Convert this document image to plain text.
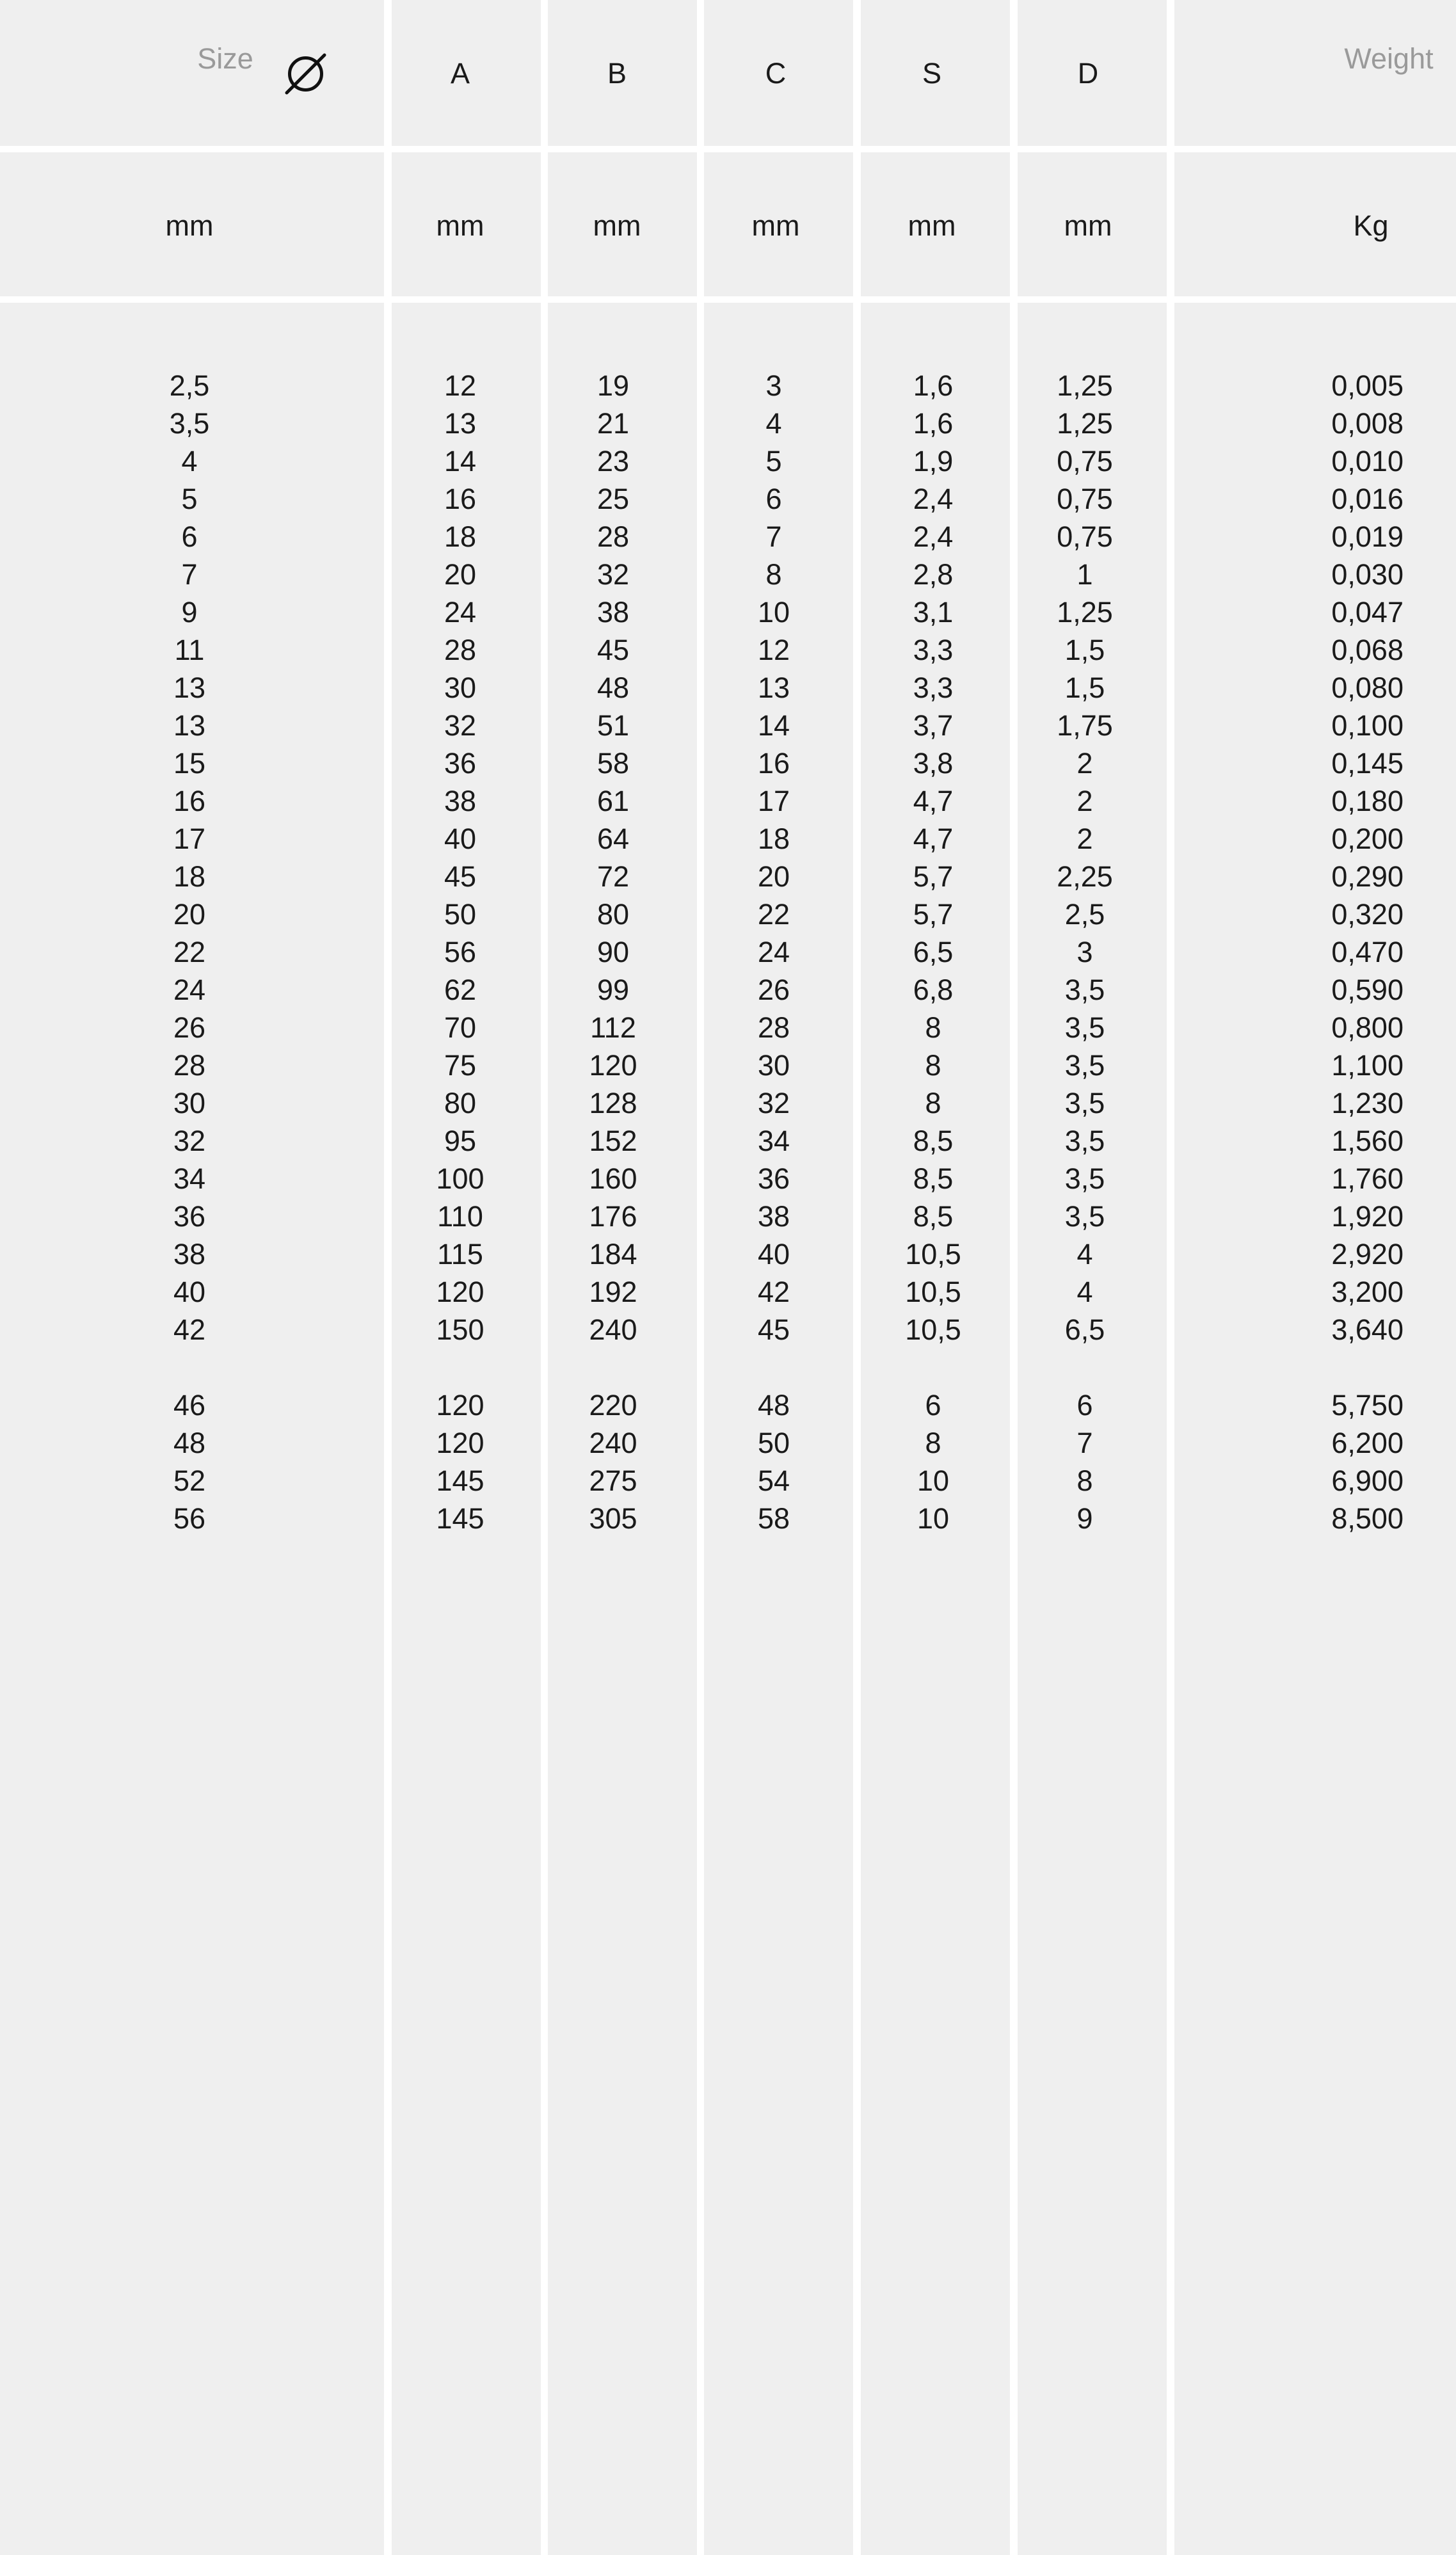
Size	A	B	C	S	D	Weight
mm	mm	mm	mm	mm	mm	Kg
2,5	12	19	3	1,6	1,25	0,005
3,5	13	21	4	1,6	1,25	0,008
4	14	23	5	1,9	0,75	0,010
5	16	25	6	2,4	0,75	0,016
6	18	28	7	2,4	0,75	0,019
7	20	32	8	2,8	1	0,030
9	24	38	10	3,1	1,25	0,047
11	28	45	12	3,3	1,5	0,068
13	30	48	13	3,3	1,5	0,080
13	32	51	14	3,7	1,75	0,100
15	36	58	16	3,8	2	0,145
16	38	61	17	4,7	2	0,180
17	40	64	18	4,7	2	0,200
18	45	72	20	5,7	2,25	0,290
20	50	80	22	5,7	2,5	0,320
22	56	90	24	6,5	3	0,470
24	62	99	26	6,8	3,5	0,590
26	70	112	28	8	3,5	0,800
28	75	120	30	8	3,5	1,100
30	80	128	32	8	3,5	1,230
32	95	152	34	8,5	3,5	1,560
34	100	160	36	8,5	3,5	1,760
36	110	176	38	8,5	3,5	1,920
38	115	184	40	10,5	4	2,920
40	120	192	42	10,5	4	3,200
42	150	240	45	10,5	6,5	3,640
46	120	220	48	6	6	5,750
48	120	240	50	8	7	6,200
52	145	275	54	10	8	6,900
56	145	305	58	10	9	8,500
